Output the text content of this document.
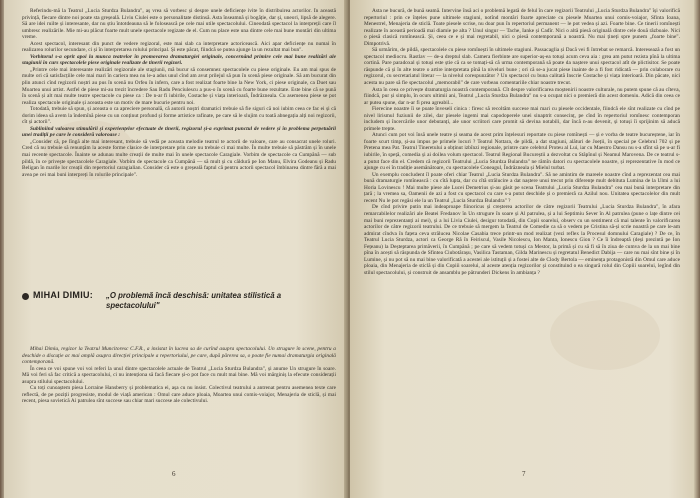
Referindu-mă la Teatrul „Lucia Sturdza Bulandra", aș vrea să vorbesc și despre unele deficiențe ivite în distribuirea actorilor. În această privință, fiecare dintre noi poate sta greșeală. Liviu Ciulei este o personalitate distinsă. Asta înseamnă și bogăție, dar și, uneori, lipsă de alegere. Să are idei ruilte și interesante, dar nu știu întotdeauna să le folosească pe cele mai utile spectacolului. Cineodată spectacol la interpreții care îl umbresc realizările. Mie mi-au plăcut foarte mult unele spectacole regizate de el. Cum nu place este una dintre cele mai bune montări din ultima vreme.

Acest spectacol, interesant din punct de vedere regizoral, este mai slab ca interpretare actoricească. Aici apar deficiențe nu numai în realizarea rolurilor secundare, ci și în interpretarea rolului principal. Și este păcat, fiindcă se putea ajunge la un rezultat mai bun".

Vorbitorul s-a oprit apoi la munca teatrelor în promovarea dramaturgiei originale, concernând primire cele mai bune realizări ale stagiunii în curs spectacolele piese originale realizate de tinerii regizori.

„Printre cele mai interesante realizări regizorale ale stagiunii, mă bucur să consemnez spectacolele cu piese originale. Eu am mai spus de multe ori că satisfacțiile cele mai mari în cariera mea nu le-a adus unul cînd am avut prilejul să pun în scenă piese originale. Să am bucurat din plin atunci cînd regizorii noștri au pus în scenă nu Orfeu în infern, care a fost realizat foarte bine la New York, ci piese originale, ca Duet sau Moartea unui artist. Astfel de piese mi-au trezit încredere Sau Radu Penciulescu a pus-o în scenă cu foarte bune rezultate. Este bine că se pună în scenă și alt mai multe teatre spectacole cu piese ca : De n-ar fi iubirile, Costache și viața interioară, Îndrăzneala. Cu asemenea piese se pot realiza spectacole originale și aceasta este un motiv de mare bucurie pentru noi.

Totodată, trebuie să spun, și aceasta o ca apreciere personală, că autorii noștri dramatici trebuie să fie siguri că noi iubim ceea ce fac ei și că dorim ideea să avem la îndemînă piese cu un conținut profund și forme artistice rafinate, pe care să le slujim cu toată abnegația alți noi regizorii, cît și actorii".

Subliniind valoarea stimulării și experiențelor efectuate de tinerii, regizorul și-a exprimat punctul de vedere și în problema perpetuării unei tradiții pe care le consideră valoroase :

„Consider că, pe lîngă alte mai interesant, trebuie să vedă pe aceasta melodie teatrul te actorii de valoare, care au consacrat unele roluri. Cred că nu trebuie să renunțăm la aceste forme clasice de interpretare prin care nu trebuie ci mai multe. În multe trebuie să păstrăm și în unele mai recente spectacole. Înainte se adunau multe creații de multe mai în unele spectacole Caragiale. Vorbim de spectacole ca Cumpănă — sub pildă, în ce privește spectacolele Caragiale. Vorbim de spectacole ca Cumpănă — să mult și cu căldură pe Ion Manu, Elvira Godeanu și Radu Beligan în marile lor creații din repertoriul caragialian. Consider că este o greșeală faptul că pentru actorii spectacol îmbinarea dintre fără a mai avea pe cei mai buni interpreți în rolurile principale".

MIHAI DIMIU: „O problemă încă deschisă: unitatea stilistică a spectacolului"

Mihai Dimiu, regizor la Teatrul Muncitoresc C.F.R., a insistat în lucrea sa de curînd asupra spectacolului. Un strugure în scene, pentru a deschide o discuție ac mai amplă asupra direcției principale a repertoriului, pe care, după părerea sa, o poate fie numai dramaturgia originală contemporană.

În ceea ce voi spune voi voi referi la unul dintre spectacolele actuale de Teatrul „Lucia Sturdza Bulandra", și anume Un strugure în soare. Mă voi feri să fac critică a spectacolului, ci nu intenționa să facă fiecare și-o pot face cu mult mai bine. Mă voi mărginiș la efecute considerații asupra stilului spectacolului.

Cu toți cunoaștem piesa Lorraine Hansberry și problematica ei, așa cu nu insist. Colectivul teatrului a antrenat pentru asemenea texte care reflectă, de pe poziții progresiste, modul de viață american : Omul care aduce ploaia, Moartea unui comis-voiajor, Menajeria de sticlă, și mai recent, piesa sovietică Ai patrulea sînt succese sau chiar mari succese ale colectivului.

6

Asta ne bucură, de bună seamă. Intervine însă aci o problemă legată de felul în care regizorii Teatrului „Lucia Sturdza Bulandra" își valorifică repertoriul : prin ce înțeles pune ultimele stagiuni, notînd montări foarte apreciate cu piesele Moartea unui comis-voiajor, Sfinta Ioana, Menestrel, Menajeria de sticlă. Toate piesele scrise, nu doar pun în repertoriul permanent — le pot vedea și azi. Foarte bine. Ce tinerii romînești realizate în această perioadă mai diamie pe alta ? Unul singur — Tache, Ianke și Cadîr. Nici o altă piesă originală dintre cele două războaie. Nici o piesă clasică romînească. Și, ceea ce e și mai regretabil, nici o piesă contemporană a noastră. Nu mai țineți spre punem „foarte bine". Dimpotrivă.

Să urmărim, de pildă, spectacolele cu piese romînești în ultimele stagiuni. Passacaglia și Dacă vei fi întrebat se remarcă. Interesează a fost un spectacol mediocru. Rastlav — de-a dreptul slab. Camera fierbinte are superior-aș-ea totuși acum ceva aia : grea am putut rezista pînă la ultima cortină. Pare paradoxal și totuși este știe că ca se tomați-să că urma contemporană să poate da naștere unui spectacol atît de plictisitor. Se poate răspunde că și în alte teatre o artire interpretata pînă la niveluri bune ; ori că se-a jucat piese inainte de a fi fost ridicată — prin colaborare cu regizorul, cu secretariatul literar — la nivelul corespunzător ? Un spectacol cu buna calitată Inscrie Costache și viața interioară. Din păcate, nici acesta nu pare să fie spectacolul „memorabil" de care vorbeau comentariile chiar noastre trecut.

Asta în ceea ce privește dramaturgia noastră contemporană. Cît despre valorificarea moștenirii noastre culturale, nu putem spune că au cîteva, fiindcă, pur și simplu, în ocurs ultimii ani, Teatrul „Lucia Sturdza Bulandra" nu s-a ocupat nici o premieră din acest domeniu. Adică din ceea ce ar putea spune, dar n-ar fi prea agreabil...

Fierecine noastre îi se poate înveseli cinica : firesc să recoltăm succese mai mari cu piesele occidentale, fiindcă ele sînt realizate cu cînd pe nivel lirismul fuziunii de zilei, dar piesele ingemi mai capodoperele unei sinaptrit consecinț, pe cînd în repertoriul romînesc contemporan includem și încercările unor debutanți, ale unor scriitori care promit să devina notabili, dar încă n-au devenit, și totuși îi sprijinim să aducă primele trepte.

Atunci cum pot voi însă unele teatre și seama de acest prim înțelesuri reportate cu piese romînești — și e vorba de teatre bucureștene, iar în foarte scurt timp, și-au impus pe primele locuri ? Teatrul Nottara, de pildă, a dat stagiuni, alături de Joeții, în special pe Celebrul 702 și pe Pretena mea Pat. Teatrul Tineretului a obținut izbînzi regionale, printre care celebrul Proteu al Lui, iar cu Maestro Dansu nu s-a sfînt să pe u-ar fi iubirile, în speță, comedia și ai doilea volum spectacol. Teatrul Regional Bucureștii a dezvoltat cu Stăpînul și Neamul Marovena. De ce teatrul s-a putut face din el. Credem că regizorii Teatrului „Lucia Sturdza Bulandra" ne rămîn datori cu spectacolele noastre, și reprezentative în mod ce ajunge cu ei în tradiție asemănătoare, cu spectacolele Coneagul, Îndrăzneala și Mielul turbat.

Un exemplu concludent îl poate oferi chiar Teatrul „Lucia Sturdza Bulandra". Să ne amintim de mareele noastre cînd a reprezentat cea mai bună dramaturgie romînească : cu cîtă lupta, dar cu cîtă strălucire a dat naștere unui trecut prin diferențe mult debituta Lumina de la Ulmi a lui Horia Lovinescu ! Mai multe piese ale Lucei Demetrius și-au găsit pe scena Teatrului „Lucia Sturdza Bulandra" cea mai bună interpretare din țară ; la vremea sa, Oamenii de azi a fost cu spectacol cu care s-a putut deschide și o premieră ca Azilul nou. Unitatea spectacolelor din mult recent Nu le pot regăsi ele la un Teatrul „Lucia Sturdza Bulandra" ?

De cînd privire putin mai indeaproape fiinoricus și creșterea actorilor de către regizorii Teatrului „Lucia Sturdza Bulandra", în afara remarcabilelor realizări ale Beatei Fredanov în Un strugure în soare și Al patrulea, și a lui Septimiu Sever în Al patrulea (pune o lațe dintre cei mai buni reprezentanți ai mei), și a lui Livia Ciulei, desigur totodată, din Copii soarelui, observ cu un sentiment că mai talente în valorificarea actorilor de către regizorii teatrului. De ce trebuie să mergem la Teatrul de Comedie ca să o vedem pe Cristina să-și scrie noastră pe care le-am admirat cîndva în fațeta ceva strălucea Nicolae Casabia trece printr-un mod realizat (vezi reflex la Procesul domnului Caragiale) ? De ce, în Teatrul Lucia Sturdza, actori ca George Ră în Feiriscul, Vasile Nicolescu, Ion Manta, Ionescu Gion ? Ce îi îndreaptă (deși prezintă pe Ion Fețeanu) la Deșteptarea primăverii, în Cumpănă ; pe care să vedem totuși ca Mestor, la primă și cu să fi să în ziua de cumva de la un mai bine pîna în acești să răspunda de Sfintea Ciubotărașu, Vasilica Tastaman, Gilda Marinescu și regretatul Benedict Dabija — care nu mai sînt bine și în Lumine, și nu pot să nu mai bine valorificată a acestei ale istituții și a fostei alte de Clody Bertola — eminența protagonistă din Omul care aduce ploaia, din Menajeria de sticlă și din Copiii soarelui, al aceste atenția regizorilor și constituind o ea singură rolul din Copiii soarelui, legînd din stilul spectacolului, și construit de ansamblu pe pătrunderi Dickens în ambianța ?

7
